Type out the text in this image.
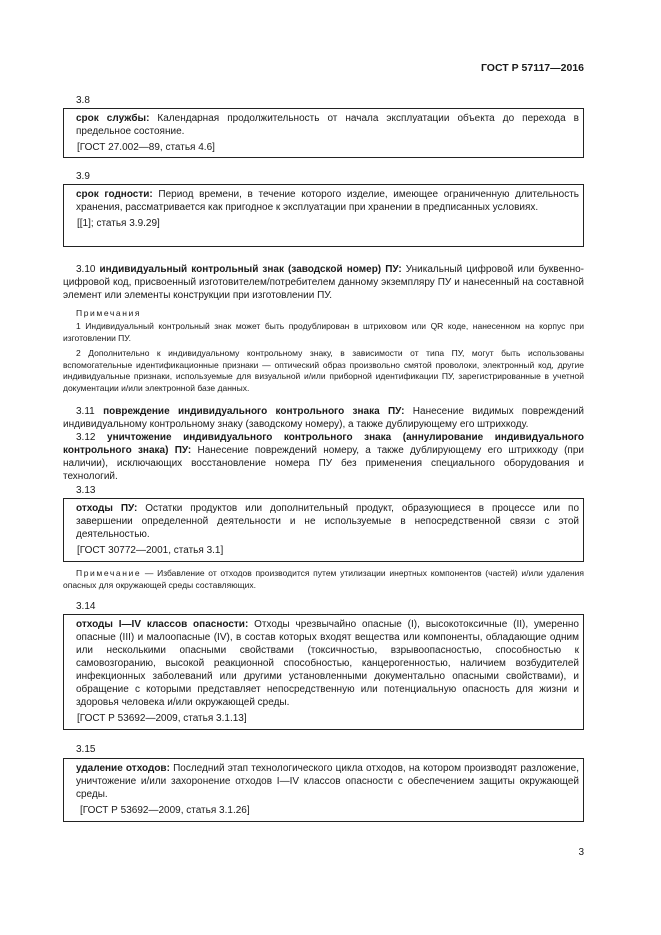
ГОСТ Р 57117—2016
3.8

срок службы: Календарная продолжительность от начала эксплуатации объекта до перехода в предельное состояние.

[ГОСТ 27.002—89, статья 4.6]

3.9

срок годности: Период времени, в течение которого изделие, имеющее ограниченную длительность хранения, рассматривается как пригодное к эксплуатации при хранении в предписанных условиях.

[[1]; статья 3.9.29]

3.10 индивидуальный контрольный знак (заводской номер) ПУ: Уникальный цифровой или буквенно-цифровой код, присвоенный изготовителем/потребителем данному экземпляру ПУ и нанесенный на составной элемент или элементы конструкции при изготовлении ПУ.

Примечания

1 Индивидуальный контрольный знак может быть продублирован в штриховом или QR коде, нанесенном на корпус при изготовлении ПУ.

2 Дополнительно к индивидуальному контрольному знаку, в зависимости от типа ПУ, могут быть использованы вспомогательные идентификационные признаки — оптический образ произвольно смятой проволоки, электронный код, другие индивидуальные признаки, используемые для визуальной и/или приборной идентификации ПУ, зарегистрированные в учетной документации и/или электронной базе данных.

3.11 повреждение индивидуального контрольного знака ПУ: Нанесение видимых повреждений индивидуальному контрольному знаку (заводскому номеру), а также дублирующему его штрихкоду.

3.12 уничтожение индивидуального контрольного знака (аннулирование индивидуального контрольного знака) ПУ: Нанесение повреждений номеру, а также дублирующему его штрихкоду (при наличии), исключающих восстановление номера ПУ без применения специального оборудования и технологий.

3.13

отходы ПУ: Остатки продуктов или дополнительный продукт, образующиеся в процессе или по завершении определенной деятельности и не используемые в непосредственной связи с этой деятельностью.

[ГОСТ 30772—2001, статья 3.1]

Примечание — Избавление от отходов производится путем утилизации инертных компонентов (частей) и/или удаления опасных для окружающей среды составляющих.

3.14

отходы I—IV классов опасности: Отходы чрезвычайно опасные (I), высокотоксичные (II), умеренно опасные (III) и малоопасные (IV), в состав которых входят вещества или компоненты, обладающие одним или несколькими опасными свойствами (токсичностью, взрывоопасностью, способностью к самовозгоранию, высокой реакционной способностью, канцерогенностью, наличием возбудителей инфекционных заболеваний или другими установленными документально опасными свойствами), и обращение с которыми представляет непосредственную или потенциальную опасность для жизни и здоровья человека и/или окружающей среды.

[ГОСТ Р 53692—2009, статья 3.1.13]

3.15

удаление отходов: Последний этап технологического цикла отходов, на котором производят разложение, уничтожение и/или захоронение отходов I—IV классов опасности с обеспечением защиты окружающей среды.

[ГОСТ Р 53692—2009, статья 3.1.26]

3
